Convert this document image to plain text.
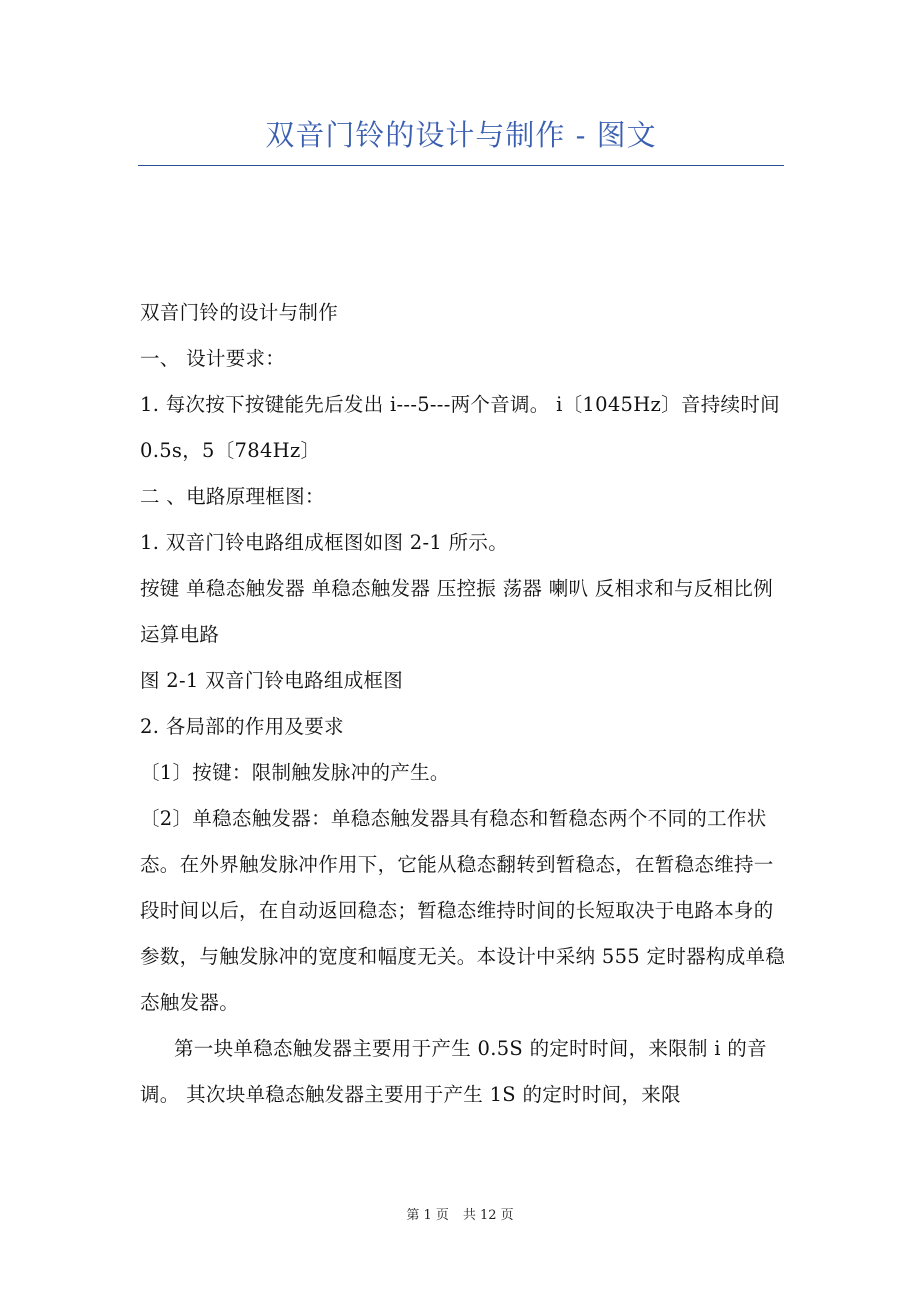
双音门铃的设计与制作 - 图文

双音门铃的设计与制作

一、 设计要求：

1. 每次按下按键能先后发出 i---5---两个音调。 i〔1045Hz〕音持续时间 0.5s，5〔784Hz〕

二 、电路原理框图：

1. 双音门铃电路组成框图如图 2-1 所示。

按键 单稳态触发器 单稳态触发器 压控振 荡器 喇叭 反相求和与反相比例运算电路

图 2-1 双音门铃电路组成框图

2. 各局部的作用及要求

〔1〕按键：限制触发脉冲的产生。

〔2〕单稳态触发器：单稳态触发器具有稳态和暂稳态两个不同的工作状态。在外界触发脉冲作用下，它能从稳态翻转到暂稳态，在暂稳态维持一段时间以后，在自动返回稳态；暂稳态维持时间的长短取决于电路本身的参数，与触发脉冲的宽度和幅度无关。本设计中采纳 555 定时器构成单稳态触发器。

第一块单稳态触发器主要用于产生 0.5S 的定时时间，来限制 i 的音调。 其次块单稳态触发器主要用于产生 1S 的定时时间，来限

第 1 页 共 12 页
